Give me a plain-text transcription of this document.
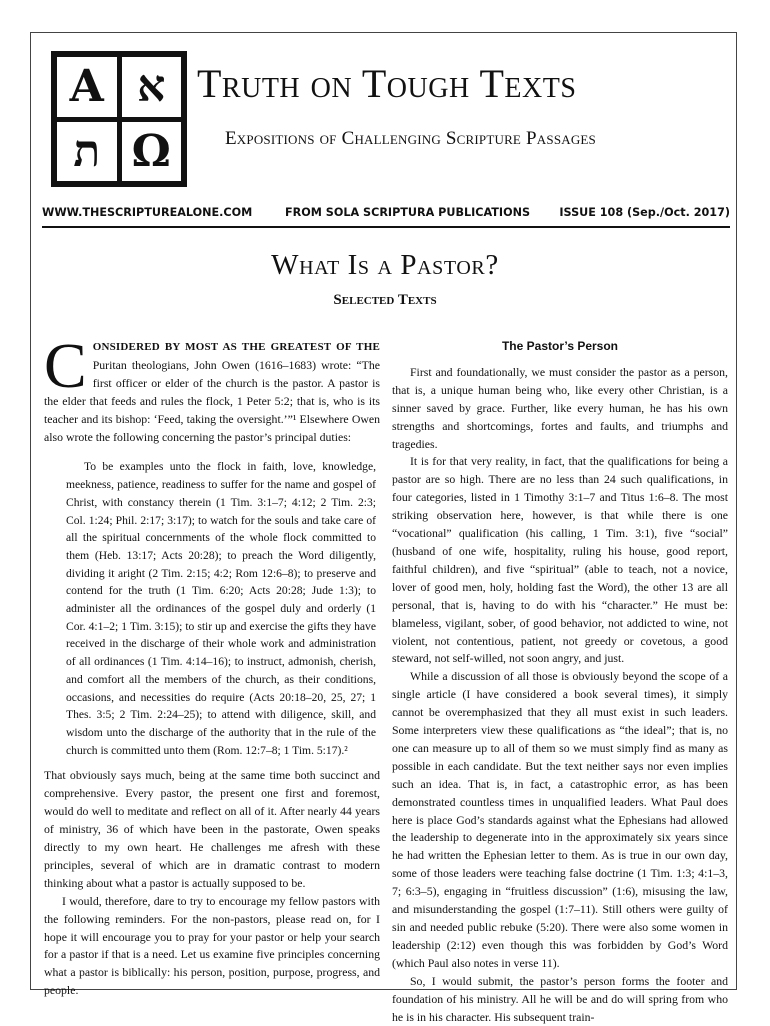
A א
ת Ω
Truth on Tough Texts
Expositions of Challenging Scripture Passages
WWW.THESCRIPTUREALONE.COM	FROM SOLA SCRIPTURA PUBLICATIONS	ISSUE 108 (Sep./Oct. 2017)
What Is a Pastor?
Selected Texts

CONSIDERED BY MOST AS THE GREATEST OF THE Puritan theologians, John Owen (1616–1683) wrote: “The first officer or elder of the church is the pastor. A pastor is the elder that feeds and rules the flock, 1 Peter 5:2; that is, who is its teacher and its bishop: ‘Feed, taking the oversight.’”¹ Elsewhere Owen also wrote the following concerning the pastor’s principal duties:

To be examples unto the flock in faith, love, knowledge, meekness, patience, readiness to suffer for the name and gospel of Christ, with constancy therein (1 Tim. 3:1–7; 4:12; 2 Tim. 2:3; Col. 1:24; Phil. 2:17; 3:17); to watch for the souls and take care of all the spiritual concernments of the whole flock committed to them (Heb. 13:17; Acts 20:28); to preach the Word diligently, dividing it aright (2 Tim. 2:15; 4:2; Rom 12:6–8); to preserve and contend for the truth (1 Tim. 6:20; Acts 20:28; Jude 1:3); to administer all the ordinances of the gospel duly and orderly (1 Cor. 4:1–2; 1 Tim. 3:15); to stir up and exercise the gifts they have received in the discharge of their whole work and administration of all ordinances (1 Tim. 4:14–16); to instruct, admonish, cherish, and comfort all the members of the church, as their conditions, occasions, and necessities do require (Acts 20:18–20, 25, 27; 1 Thes. 3:5; 2 Tim. 2:24–25); to attend with diligence, skill, and wisdom unto the discharge of the authority that in the rule of the church is committed unto them (Rom. 12:7–8; 1 Tim. 5:17).²

That obviously says much, being at the same time both succinct and comprehensive. Every pastor, the present one first and foremost, would do well to meditate and reflect on all of it. After nearly 44 years of ministry, 36 of which have been in the pastorate, Owen speaks directly to my own heart. He challenges me afresh with these principles, several of which are in dramatic contrast to modern thinking about what a pastor is actually supposed to be.

I would, therefore, dare to try to encourage my fellow pastors with the following reminders. For the non-pastors, please read on, for I hope it will encourage you to pray for your pastor or help your search for a pastor if that is a need. Let us examine five principles concerning what a pastor is biblically: his person, position, purpose, progress, and people.

The Pastor’s Person

First and foundationally, we must consider the pastor as a person, that is, a unique human being who, like every other Christian, is a sinner saved by grace. Further, like every human, he has his own strengths and shortcomings, fortes and faults, and triumphs and tragedies.

It is for that very reality, in fact, that the qualifications for being a pastor are so high. There are no less than 24 such qualifications, in four categories, listed in 1 Timothy 3:1–7 and Titus 1:6–8. The most striking observation here, however, is that while there is one “vocational” qualification (his calling, 1 Tim. 3:1), five “social” (husband of one wife, hospitality, ruling his house, good report, faithful children), and five “spiritual” (able to teach, not a novice, lover of good men, holy, holding fast the Word), the other 13 are all personal, that is, having to do with his “character.” He must be: blameless, vigilant, sober, of good behavior, not addicted to wine, not violent, not contentious, patient, not greedy or covetous, a good steward, not self-willed, not soon angry, and just.

While a discussion of all those is obviously beyond the scope of a single article (I have considered a book several times), it simply cannot be overemphasized that they all must exist in such leaders. Some interpreters view these qualifications as “the ideal”; that is, no one can measure up to all of them so we must simply find as many as possible in each candidate. But the text neither says nor even implies such an idea. That is, in fact, a catastrophic error, as has been demonstrated countless times in unqualified leaders. What Paul does here is place God’s standards against what the Ephesians had allowed the leadership to degenerate into in the approximately six years since he had written the Ephesian letter to them. As is true in our own day, some of those leaders were teaching false doctrine (1 Tim. 1:3; 4:1–3, 7; 6:3–5), engaging in “fruitless discussion” (1:6), misusing the law, and misunderstanding the gospel (1:7–11). Still others were guilty of sin and needed public rebuke (5:20). There were also some women in leadership (2:12) even though this was forbidden by God’s Word (which Paul also notes in verse 11).

So, I would submit, the pastor’s person forms the footer and foundation of his ministry. All he will be and do will spring from who he is in his character. His subsequent train-
